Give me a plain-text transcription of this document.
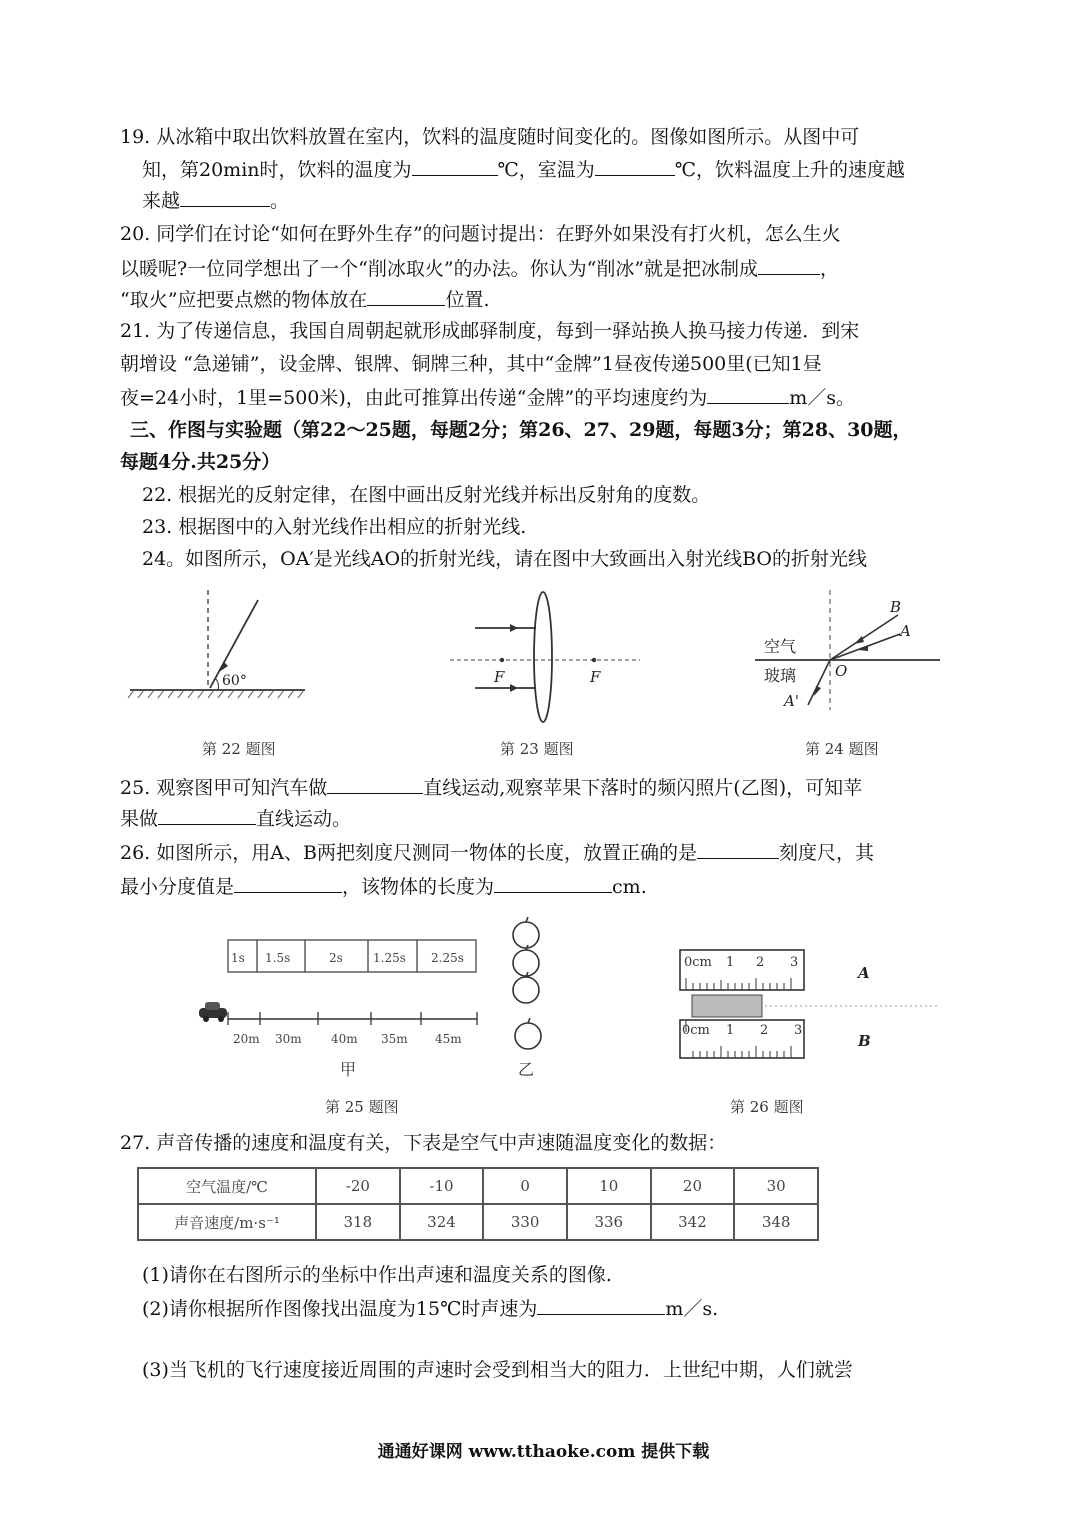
19. 从冰箱中取出饮料放置在室内，饮料的温度随时间变化的。图像如图所示。从图中可
知，第20min时，饮料的温度为	℃，室温为	℃，饮料温度上升的速度越
来越	。
20. 同学们在讨论“如何在野外生存”的问题讨提出：在野外如果没有打火机，怎么生火
以暖呢?一位同学想出了一个“削冰取火”的办法。你认为“削冰”就是把冰制成	，
“取火”应把要点燃的物体放在	位置.
21. 为了传递信息，我国自周朝起就形成邮驿制度，每到一驿站换人换马接力传递．到宋
朝增设 “急递铺”，设金牌、银牌、铜牌三种，其中“金牌”1昼夜传递500里(已知1昼
夜=24小时，1里=500米)，由此可推算出传递“金牌”的平均速度约为	m／s。
三、作图与实验题（第22～25题，每题2分；第26、27、29题，每题3分；第28、30题，
每题4分.共25分）
22. 根据光的反射定律，在图中画出反射光线并标出反射角的度数。
23. 根据图中的入射光线作出相应的折射光线.
24。如图所示，OA′是光线AO的折射光线，请在图中大致画出入射光线BO的折射光线
60°
第 22 题图
F	F
第 23 题图
空气
玻璃
B
A
O
A'
第 24 题图
25. 观察图甲可知汽车做	直线运动,观察苹果下落时的频闪照片(乙图)，可知苹
果做	直线运动。
26. 如图所示，用A、B两把刻度尺测同一物体的长度，放置正确的是	刻度尺，其
最小分度值是	，该物体的长度为	cm.
1s 1.5s	2s	1.25s 2.25s
20m 30m 40m 35m 45m
甲	乙
第 25 题图
0cm 1 2 3
A
0cm 1 2 3
B
第 26 题图
27. 声音传播的速度和温度有关，下表是空气中声速随温度变化的数据：
空气温度/℃	-20	-10	0	10	20	30
声音速度/m·s⁻¹	318	324	330	336	342	348
(1)请你在右图所示的坐标中作出声速和温度关系的图像.
(2)请你根据所作图像找出温度为15℃时声速为	m／s.
(3)当飞机的飞行速度接近周围的声速时会受到相当大的阻力．上世纪中期，人们就尝
通通好课网 www.tthaoke.com 提供下载
